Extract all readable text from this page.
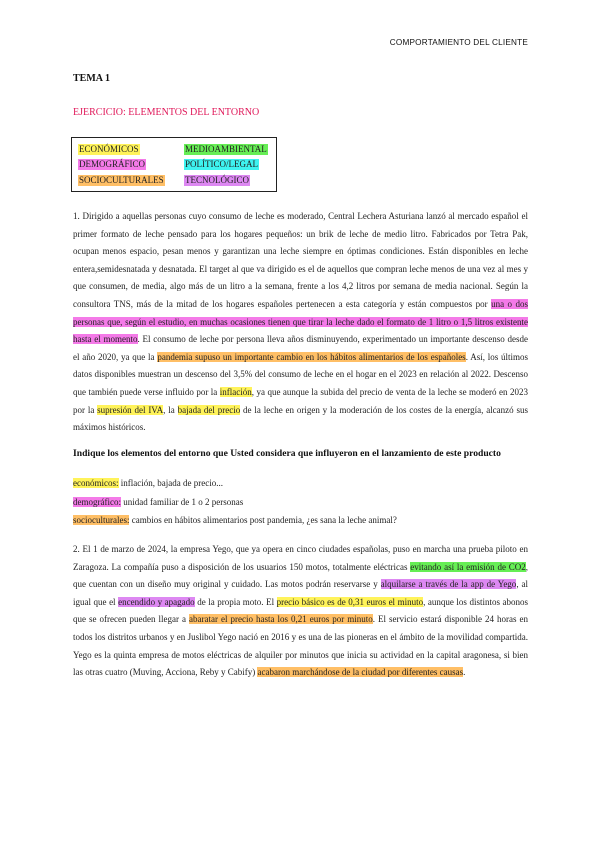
COMPORTAMIENTO DEL CLIENTE
TEMA 1
EJERCICIO: ELEMENTOS DEL ENTORNO
ECONÓMICOS
DEMOGRÁFICO
SOCIOCULTURALES
MEDIOAMBIENTAL
POLÍTICO/LEGAL
TECNOLÓGICO

1. Dirigido a aquellas personas cuyo consumo de leche es moderado, Central Lechera Asturiana lanzó al mercado español el primer formato de leche pensado para los hogares pequeños: un brik de leche de medio litro. Fabricados por Tetra Pak, ocupan menos espacio, pesan menos y garantizan una leche siempre en óptimas condiciones. Están disponibles en leche entera,semidesnatada y desnatada. El target al que va dirigido es el de aquellos que compran leche menos de una vez al mes y que consumen, de media, algo más de un litro a la semana, frente a los 4,2 litros por semana de media nacional. Según la consultora TNS, más de la mitad de los hogares españoles pertenecen a esta categoría y están compuestos por una o dos personas que, según el estudio, en muchas ocasiones tienen que tirar la leche dado el formato de 1 litro o 1,5 litros existente hasta el momento. El consumo de leche por persona lleva años disminuyendo, experimentado un importante descenso desde el año 2020, ya que la pandemia supuso un importante cambio en los hábitos alimentarios de los españoles. Así, los últimos datos disponibles muestran un descenso del 3,5% del consumo de leche en el hogar en el 2023 en relación al 2022. Descenso que también puede verse influido por la inflación, ya que aunque la subida del precio de venta de la leche se moderó en 2023 por la supresión del IVA, la bajada del precio de la leche en origen y la moderación de los costes de la energía, alcanzó sus máximos históricos.

Indique los elementos del entorno que Usted considera que influyeron en el lanzamiento de este producto
económicos: inflación, bajada de precio...
demográfico: unidad familiar de 1 o 2 personas
socioculturales: cambios en hábitos alimentarios post pandemia, ¿es sana la leche animal?

2. El 1 de marzo de 2024, la empresa Yego, que ya opera en cinco ciudades españolas, puso en marcha una prueba piloto en Zaragoza. La compañía puso a disposición de los usuarios 150 motos, totalmente eléctricas evitando así la emisión de CO2, que cuentan con un diseño muy original y cuidado. Las motos podrán reservarse y alquilarse a través de la app de Yego, al igual que el encendido y apagado de la propia moto. El precio básico es de 0,31 euros el minuto, aunque los distintos abonos que se ofrecen pueden llegar a abaratar el precio hasta los 0,21 euros por minuto. El servicio estará disponible 24 horas en todos los distritos urbanos y en Juslibol Yego nació en 2016 y es una de las pioneras en el ámbito de la movilidad compartida. Yego es la quinta empresa de motos eléctricas de alquiler por minutos que inicia su actividad en la capital aragonesa, si bien las otras cuatro (Muving, Acciona, Reby y Cabify) acabaron marchándose de la ciudad por diferentes causas.
